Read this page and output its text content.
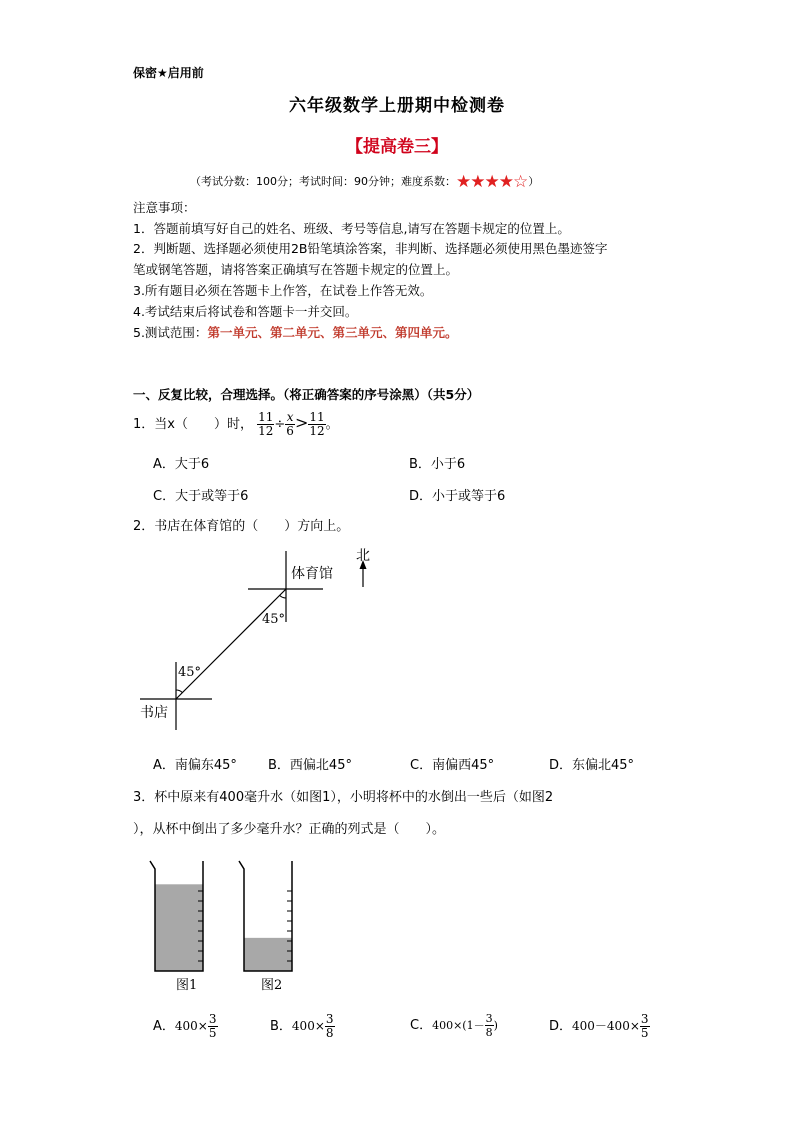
保密★启用前
六年级数学上册期中检测卷
【提高卷三】
（考试分数：100分；考试时间：90分钟；难度系数：★★★★☆）
注意事项：
1．答题前填写好自己的姓名、班级、考号等信息,请写在答题卡规定的位置上。
2．判断题、选择题必须使用2B铅笔填涂答案，非判断、选择题必须使用黑色墨迹签字
笔或钢笔答题，请将答案正确填写在答题卡规定的位置上。
3.所有题目必须在答题卡上作答，在试卷上作答无效。
4.考试结束后将试卷和答题卡一并交回。
5.测试范围：第一单元、第二单元、第三单元、第四单元。
一、反复比较，合理选择。（将正确答案的序号涂黑）（共5分）
1．当x（　　）时， $\frac{11}{12} \div \frac{x}{6} > \frac{11}{12}$ 。
A．大于6	B．小于6
C．大于或等于6	D．小于或等于6
2．书店在体育馆的（　　）方向上。
北
体育馆
45°
45°
书店
A．南偏东45° B．西偏北45°	C．南偏西45°	D．东偏北45°
3．杯中原来有400毫升水（如图1），小明将杯中的水倒出一些后（如图2
），从杯中倒出了多少毫升水？正确的列式是（　　）。
图1	图2
A．$400\times \frac{3}{5}$	B．$400\times \frac{3}{8}$	C．$400\times(1- \frac{3}{8}$ )	D．$400-400\times \frac{3}{5}$
